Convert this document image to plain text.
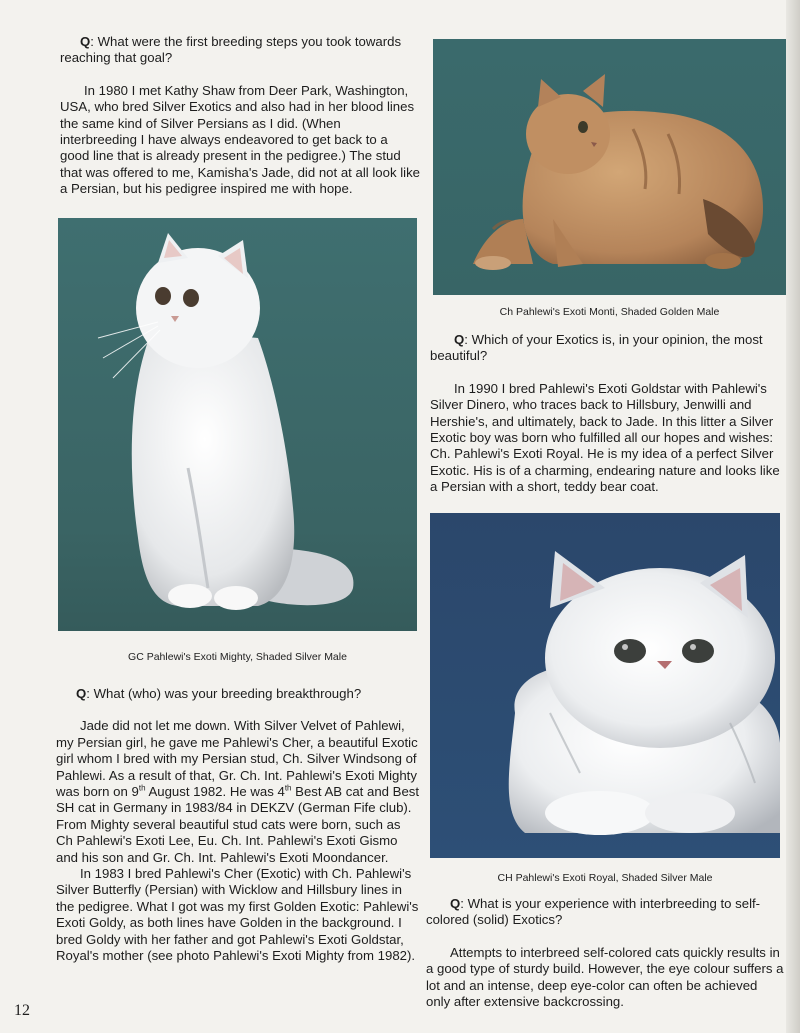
Q: What were the first breeding steps you took towards reaching that goal?

In 1980 I met Kathy Shaw from Deer Park, Washington, USA, who bred Silver Exotics and also had in her blood lines the same kind of Silver Persians as I did. (When interbreeding I have always endeavored to get back to a good line that is already present in the pedigree.) The stud that was offered to me, Kamisha's Jade, did not at all look like a Persian, but his pedigree inspired me with hope.

GC Pahlewi's Exoti Mighty, Shaded Silver Male

Q: What (who) was your breeding breakthrough?

Jade did not let me down. With Silver Velvet of Pahlewi, my Persian girl, he gave me Pahlewi's Cher, a beautiful Exotic girl whom I bred with my Persian stud, Ch. Silver Windsong of Pahlewi. As a result of that, Gr. Ch. Int. Pahlewi's Exoti Mighty was born on 9th August 1982. He was 4th Best AB cat and Best SH cat in Germany in 1983/84 in DEKZV (German Fife club). From Mighty several beautiful stud cats were born, such as Ch Pahlewi's Exoti Lee, Eu. Ch. Int. Pahlewi's Exoti Gismo and his son and Gr. Ch. Int. Pahlewi's Exoti Moondancer.

In 1983 I bred Pahlewi's Cher (Exotic) with Ch. Pahlewi's Silver Butterfly (Persian) with Wicklow and Hillsbury lines in the pedigree. What I got was my first Golden Exotic: Pahlewi's Exoti Goldy, as both lines have Golden in the background. I bred Goldy with her father and got Pahlewi's Exoti Goldstar, Royal's mother (see photo Pahlewi's Exoti Mighty from 1982).

Ch Pahlewi's Exoti Monti, Shaded Golden Male

Q: Which of your Exotics is, in your opinion, the most beautiful?

In 1990 I bred Pahlewi's Exoti Goldstar with Pahlewi's Silver Dinero, who traces back to Hillsbury, Jenwilli and Hershie's, and ultimately, back to Jade. In this litter a Silver Exotic boy was born who fulfilled all our hopes and wishes: Ch. Pahlewi's Exoti Royal. He is my idea of a perfect Silver Exotic. His is of a charming, endearing nature and looks like a Persian with a short, teddy bear coat.

CH Pahlewi's Exoti Royal, Shaded Silver Male

Q: What is your experience with interbreeding to self-colored (solid) Exotics?

Attempts to interbreed self-colored cats quickly results in a good type of sturdy build. However, the eye colour suffers a lot and an intense, deep eye-color can often be achieved only after extensive backcrossing.

12
